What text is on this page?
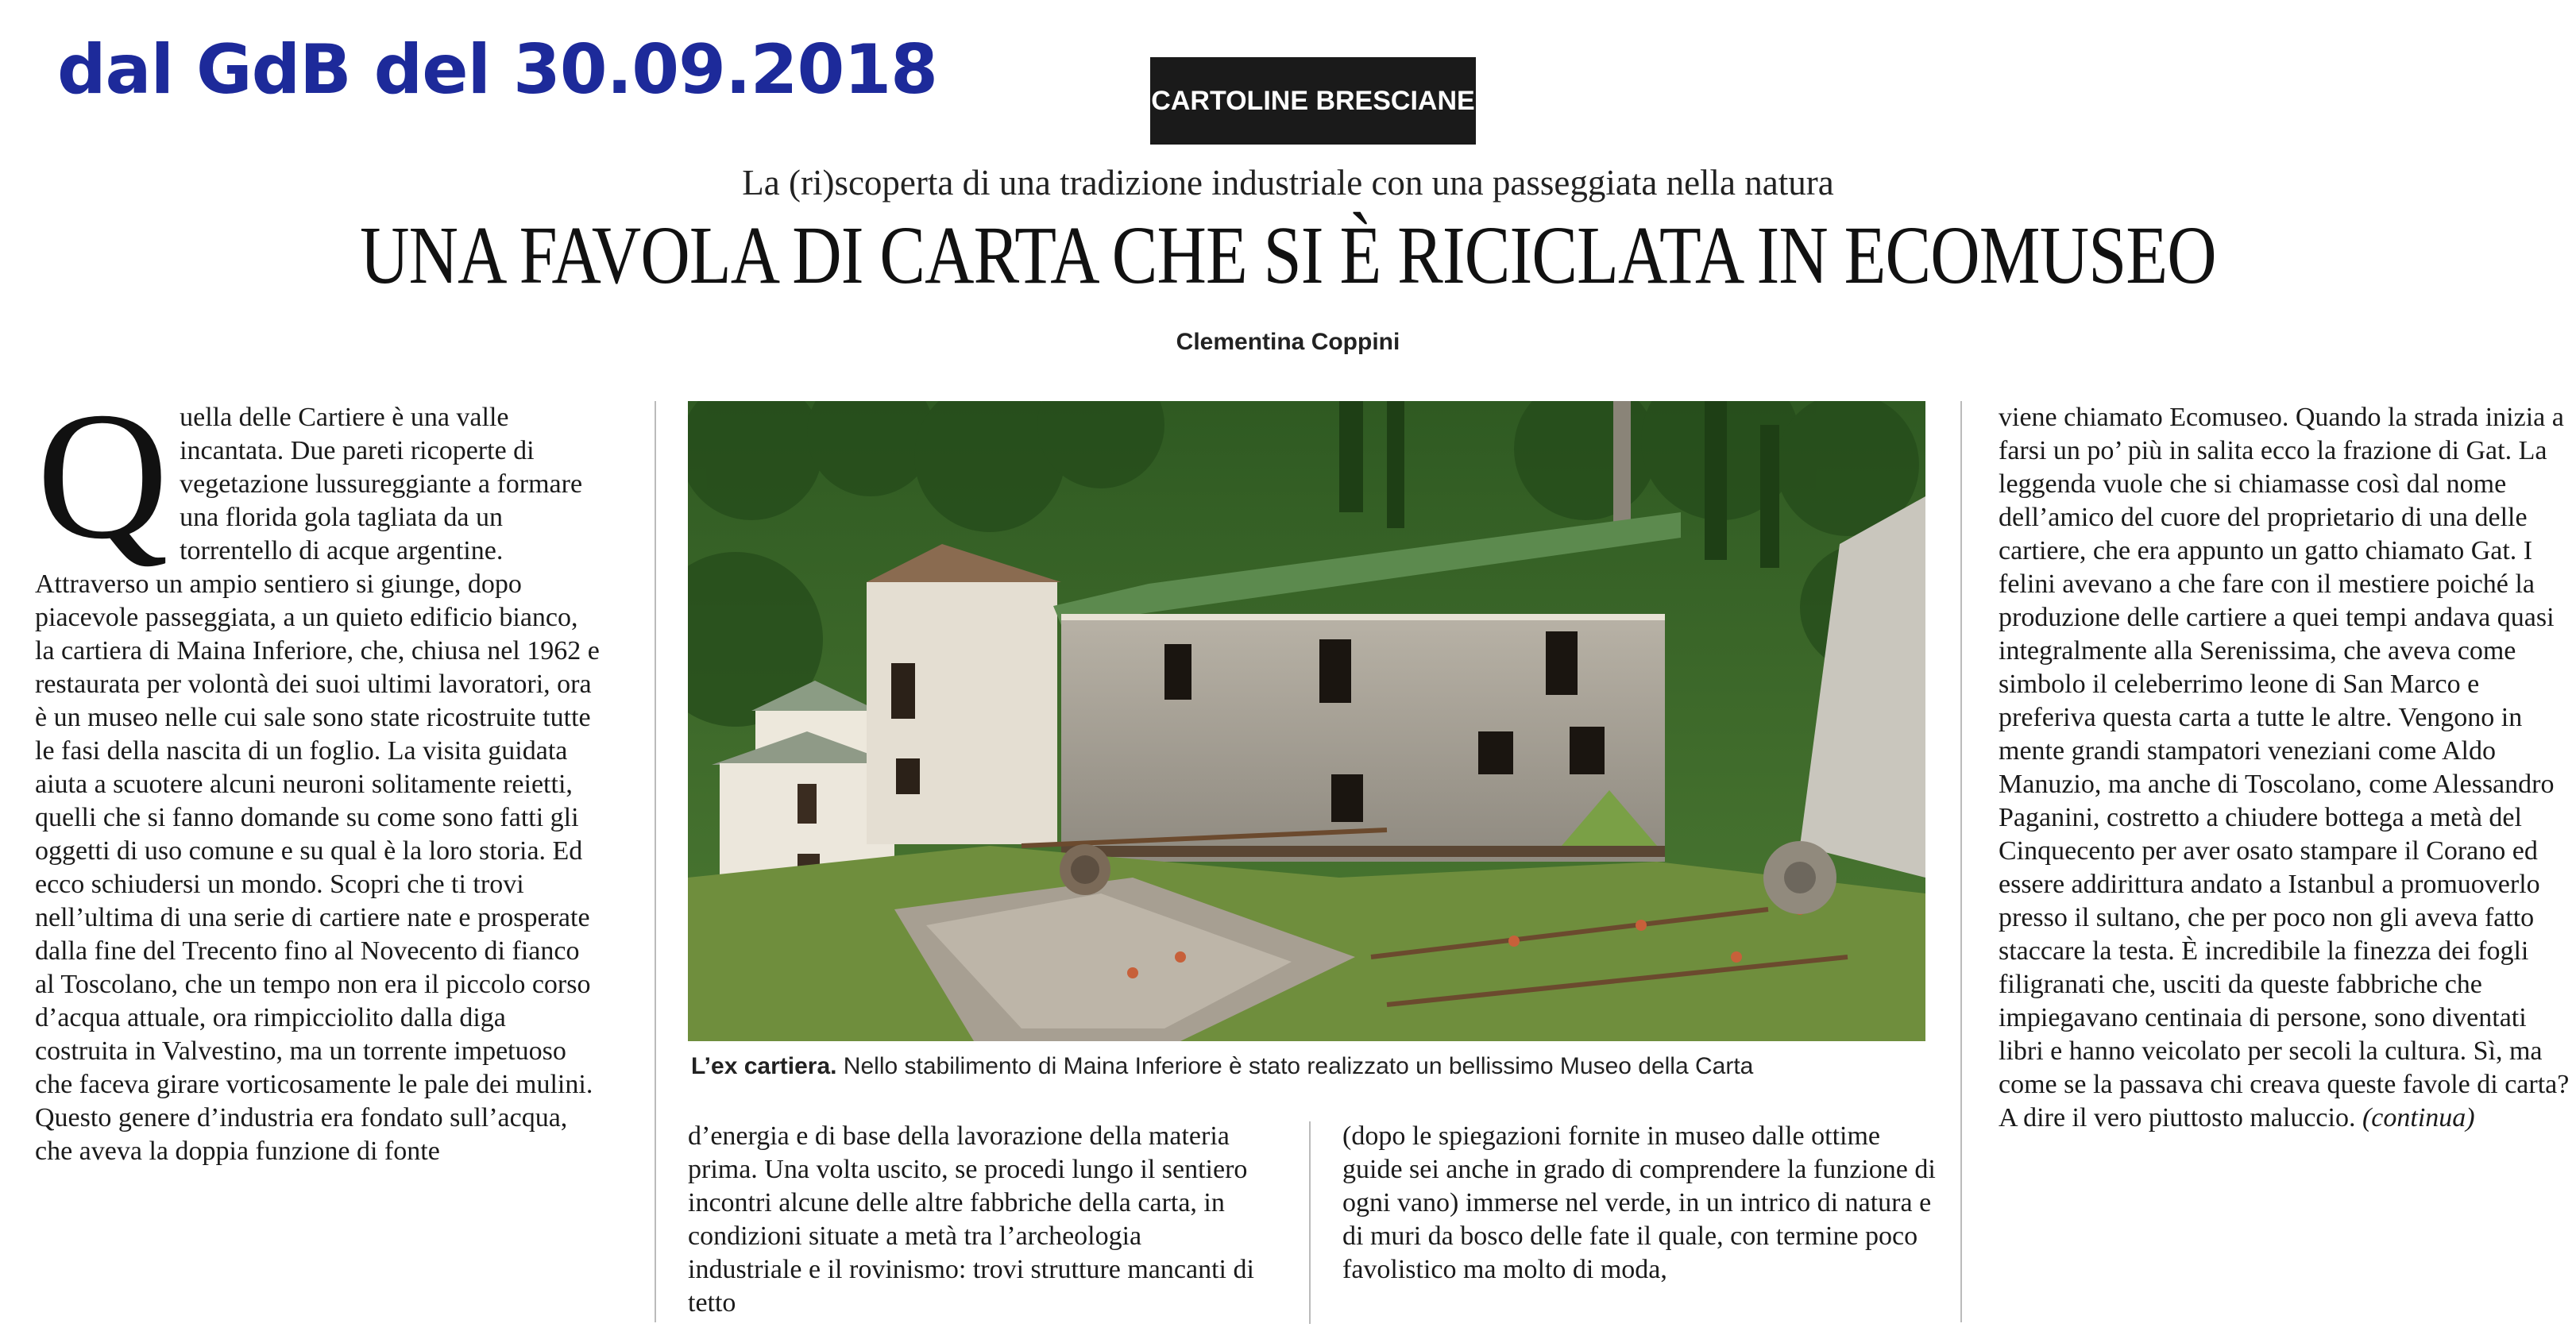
dal GdB del 30.09.2018	CARTOLINE BRESCIANE
La (ri)scoperta di una tradizione industriale con una passeggiata nella natura
UNA FAVOLA DI CARTA CHE SI È RICICLATA IN ECOMUSEO
Clementina Coppini

Quella delle Cartiere è una valle incantata. Due pareti ricoperte di vegetazione lussureggiante a formare una florida gola tagliata da un torrentello di acque argentine. Attraverso un ampio sentiero si giunge, dopo piacevole passeggiata, a un quieto edificio bianco, la cartiera di Maina Inferiore, che, chiusa nel 1962 e restaurata per volontà dei suoi ultimi lavoratori, ora è un museo nelle cui sale sono state ricostruite tutte le fasi della nascita di un foglio. La visita guidata aiuta a scuotere alcuni neuroni solitamente reietti, quelli che si fanno domande su come sono fatti gli oggetti di uso comune e su qual è la loro storia. Ed ecco schiudersi un mondo. Scopri che ti trovi nell’ultima di una serie di cartiere nate e prosperate dalla fine del Trecento fino al Novecento di fianco al Toscolano, che un tempo non era il piccolo corso d’acqua attuale, ora rimpicciolito dalla diga costruita in Valvestino, ma un torrente impetuoso che faceva girare vorticosamente le pale dei mulini. Questo genere d’industria era fondato sull’acqua, che aveva la doppia funzione di fonte

L’ex cartiera. Nello stabilimento di Maina Inferiore è stato realizzato un bellissimo Museo della Carta

d’energia e di base della lavorazione della materia prima. Una volta uscito, se procedi lungo il sentiero incontri alcune delle altre fabbriche della carta, in condizioni situate a metà tra l’archeologia industriale e il rovinismo: trovi strutture mancanti di tetto

(dopo le spiegazioni fornite in museo dalle ottime guide sei anche in grado di comprendere la funzione di ogni vano) immerse nel verde, in un intrico di natura e di muri da bosco delle fate il quale, con termine poco favolistico ma molto di moda,

viene chiamato Ecomuseo. Quando la strada inizia a farsi un po’ più in salita ecco la frazione di Gat. La leggenda vuole che si chiamasse così dal nome dell’amico del cuore del proprietario di una delle cartiere, che era appunto un gatto chiamato Gat. I felini avevano a che fare con il mestiere poiché la produzione delle cartiere a quei tempi andava quasi integralmente alla Serenissima, che aveva come simbolo il celeberrimo leone di San Marco e preferiva questa carta a tutte le altre. Vengono in mente grandi stampatori veneziani come Aldo Manuzio, ma anche di Toscolano, come Alessandro Paganini, costretto a chiudere bottega a metà del Cinquecento per aver osato stampare il Corano ed essere addirittura andato a Istanbul a promuoverlo presso il sultano, che per poco non gli aveva fatto staccare la testa. È incredibile la finezza dei fogli filigranati che, usciti da queste fabbriche che impiegavano centinaia di persone, sono diventati libri e hanno veicolato per secoli la cultura. Sì, ma come se la passava chi creava queste favole di carta? A dire il vero piuttosto maluccio. (continua)
